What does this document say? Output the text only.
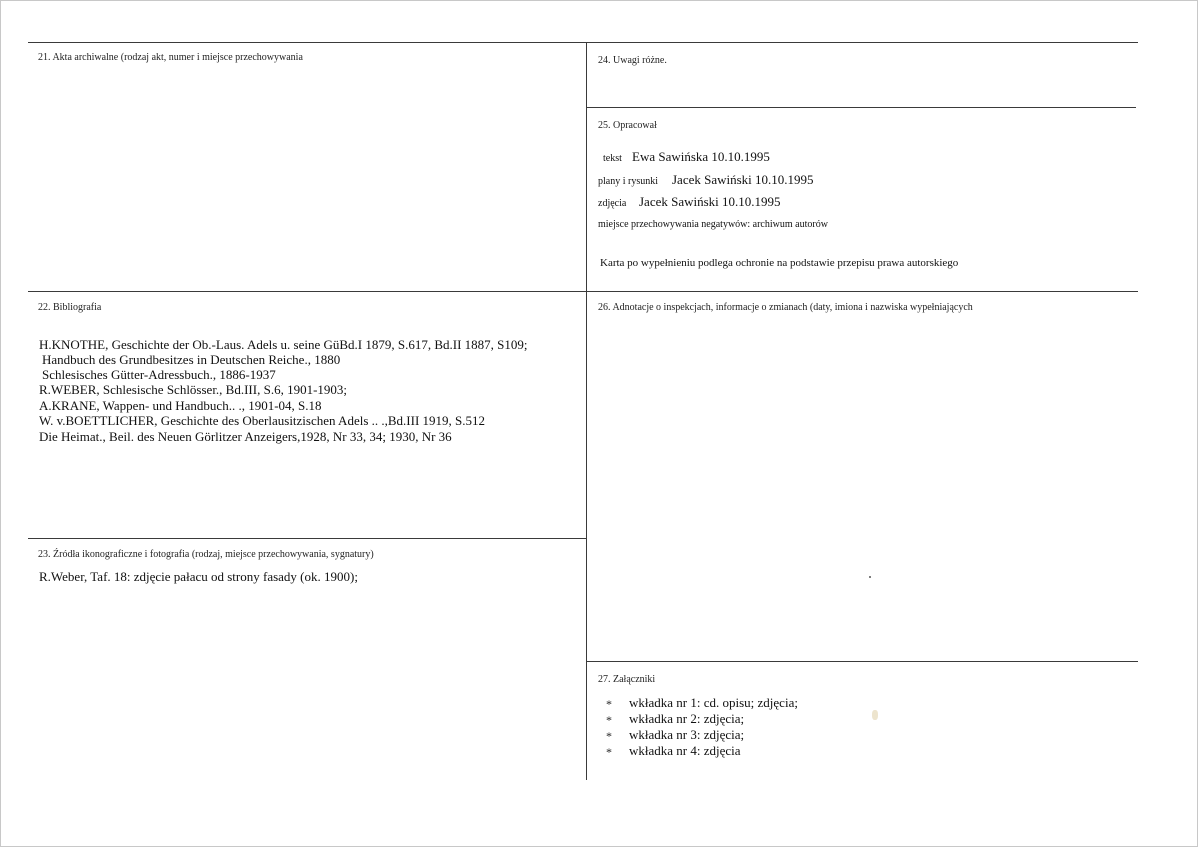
21. Akta archiwalne (rodzaj akt, numer i miejsce przechowywania
22. Bibliografia
H.KNOTHE, Geschichte der Ob.-Laus. Adels u. seine GüBd.I 1879, S.617, Bd.II 1887, S109;
Handbuch des Grundbesitzes in Deutschen Reiche., 1880
Schlesisches Gütter-Adressbuch., 1886-1937
R.WEBER, Schlesische Schlösser., Bd.III, S.6, 1901-1903;
A.KRANE, Wappen- und Handbuch.. ., 1901-04, S.18
W. v.BOETTLICHER, Geschichte des Oberlausitzischen Adels .. .,Bd.III 1919, S.512
Die Heimat., Beil. des Neuen Görlitzer Anzeigers,1928, Nr 33, 34; 1930, Nr 36
23. Źródła ikonograficzne i fotografia (rodzaj, miejsce przechowywania, sygnatury)
R.Weber, Taf. 18: zdjęcie pałacu od strony fasady (ok. 1900);
24. Uwagi różne.
25. Opracował
tekst Ewa Sawińska 10.10.1995
plany i rysunki Jacek Sawiński 10.10.1995
zdjęcia Jacek Sawiński 10.10.1995
miejsce przechowywania negatywów: archiwum autorów
Karta po wypełnieniu podlega ochronie na podstawie przepisu prawa autorskiego
26. Adnotacje o inspekcjach, informacje o zmianach (daty, imiona i nazwiska wypełniających
27. Załączniki
* wkładka nr 1: cd. opisu; zdjęcia;
* wkładka nr 2: zdjęcia;
* wkładka nr 3: zdjęcia;
* wkładka nr 4: zdjęcia
